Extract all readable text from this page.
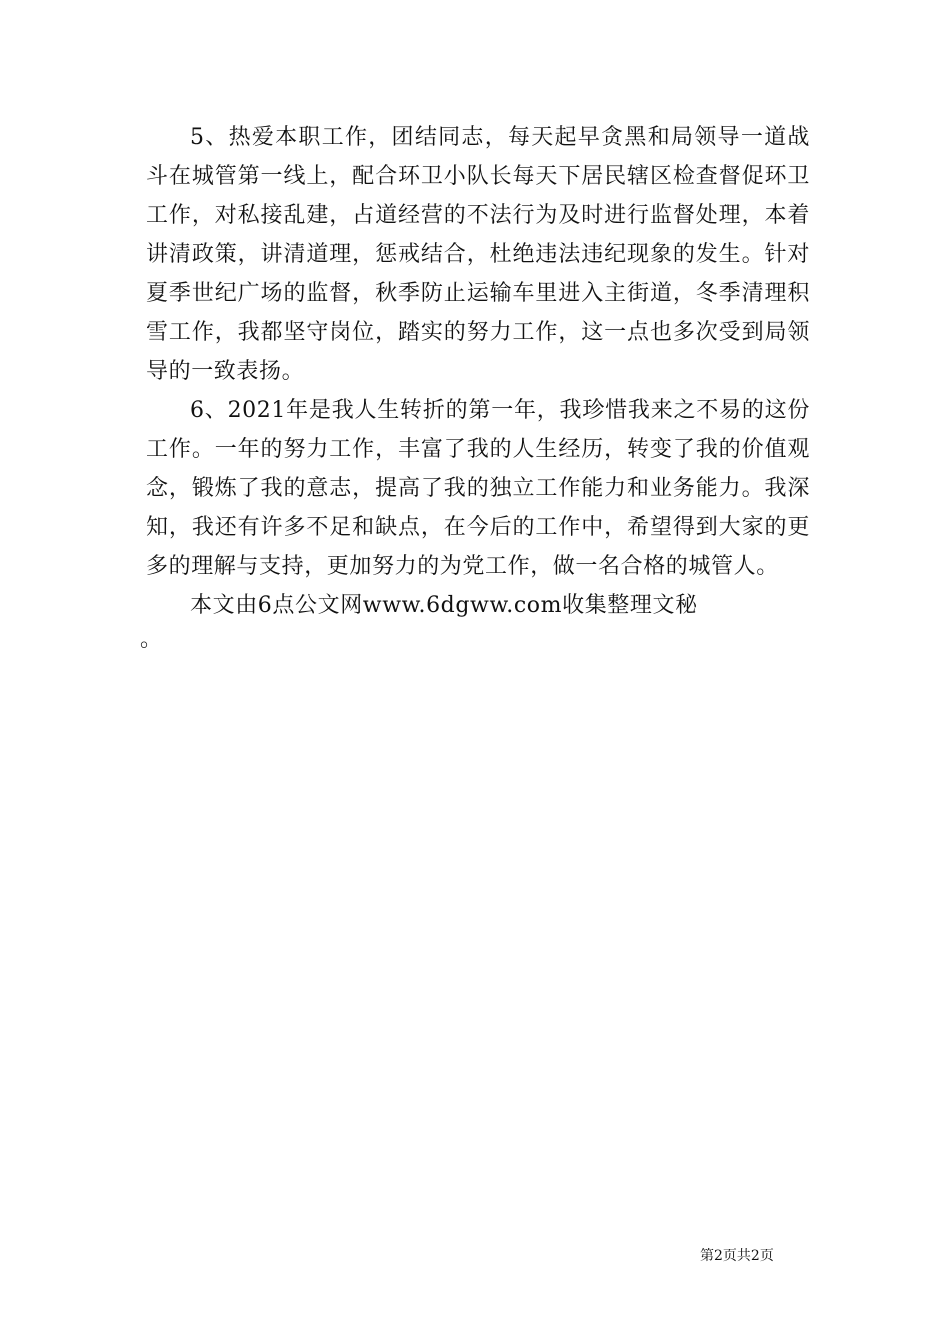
5、热爱本职工作，团结同志，每天起早贪黑和局领导一道战斗在城管第一线上，配合环卫小队长每天下居民辖区检查督促环卫工作，对私接乱建，占道经营的不法行为及时进行监督处理，本着讲清政策，讲清道理，惩戒结合，杜绝违法违纪现象的发生。针对夏季世纪广场的监督，秋季防止运输车里进入主街道，冬季清理积雪工作，我都坚守岗位，踏实的努力工作，这一点也多次受到局领导的一致表扬。

6、2021年是我人生转折的第一年，我珍惜我来之不易的这份工作。一年的努力工作，丰富了我的人生经历，转变了我的价值观念，锻炼了我的意志，提高了我的独立工作能力和业务能力。我深知，我还有许多不足和缺点，在今后的工作中，希望得到大家的更多的理解与支持，更加努力的为党工作，做一名合格的城管人。

本文由6点公文网www.6dgww.com收集整理文秘

。

第2页共2页
